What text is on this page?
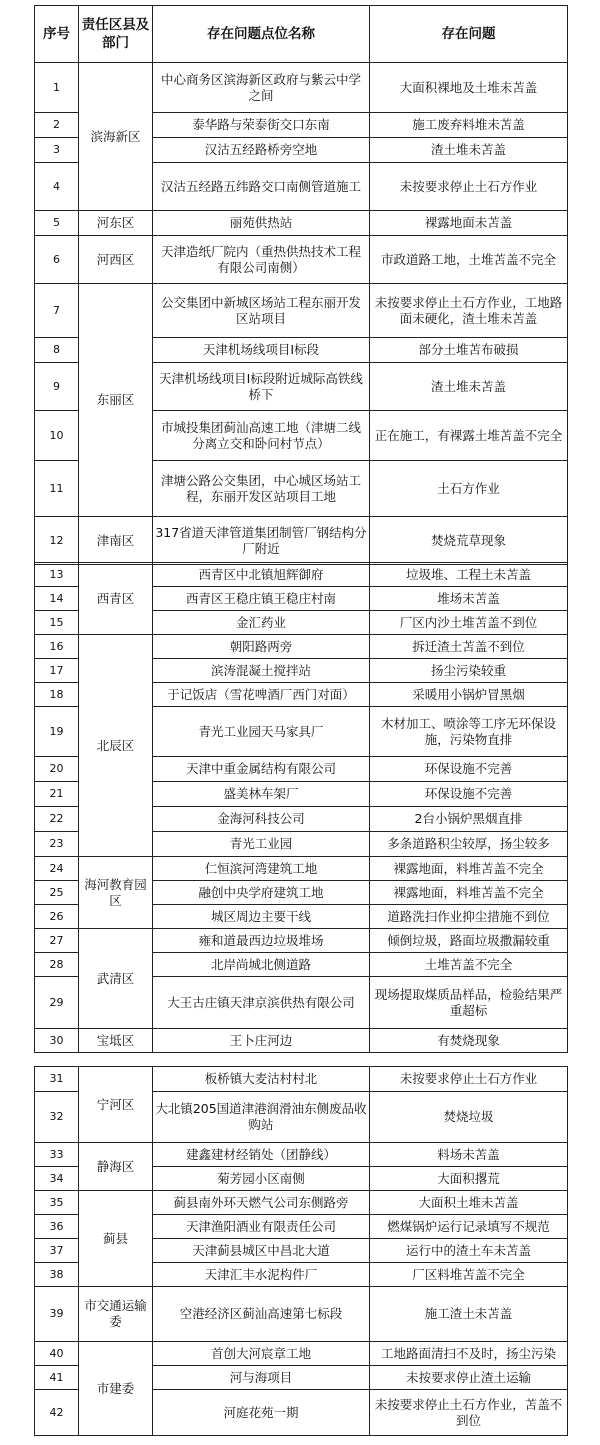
序号	责任区县及部门	存在问题点位名称	存在问题
1	滨海新区	中心商务区滨海新区政府与紫云中学之间	大面积裸地及土堆未苫盖
2		泰华路与荣泰街交口东南	施工废弃料堆未苫盖
3		汉沽五经路桥旁空地	渣土堆未苫盖
4		汉沽五经路五纬路交口南侧管道施工	未按要求停止土石方作业
5	河东区	丽苑供热站	裸露地面未苫盖
6	河西区	天津造纸厂院内（重热供热技术工程有限公司南侧）	市政道路工地，土堆苫盖不完全
7	东丽区	公交集团中新城区场站工程东丽开发区站项目	未按要求停止土石方作业，工地路面未硬化，渣土堆未苫盖
8		天津机场线项目Ⅰ标段	部分土堆苫布破损
9		天津机场线项目Ⅰ标段附近城际高铁线桥下	渣土堆未苫盖
10		市城投集团蓟汕高速工地（津塘二线分离立交和卧问村节点）	正在施工，有裸露土堆苫盖不完全
11		津塘公路公交集团，中心城区场站工程，东丽开发区站项目工地	土石方作业
12	津南区	317省道天津管道集团制管厂钢结构分厂附近	焚烧荒草现象
13	西青区	西青区中北镇旭辉御府	垃圾堆、工程土未苫盖
14		西青区王稳庄镇王稳庄村南	堆场未苫盖
15		金汇药业	厂区内沙土堆苫盖不到位
16	北辰区	朝阳路两旁	拆迁渣土苫盖不到位
17		滨涛混凝土搅拌站	扬尘污染较重
18		于记饭店（雪花啤酒厂西门对面）	采暖用小锅炉冒黑烟
19		青光工业园天马家具厂	木材加工、喷涂等工序无环保设施，污染物直排
20		天津中重金属结构有限公司	环保设施不完善
21		盛美林车架厂	环保设施不完善
22		金海河科技公司	2台小锅炉黑烟直排
23		青光工业园	多条道路积尘较厚，扬尘较多
24	海河教育园区	仁恒滨河湾建筑工地	裸露地面，料堆苫盖不完全
25		融创中央学府建筑工地	裸露地面，料堆苫盖不完全
26		城区周边主要干线	道路洗扫作业抑尘措施不到位
27	武清区	雍和道最西边垃圾堆场	倾倒垃圾，路面垃圾撒漏较重
28		北岸尚城北侧道路	土堆苫盖不完全
29		大王古庄镇天津京滨供热有限公司	现场提取煤质品样品，检验结果严重超标
30	宝坻区	王卜庄河边	有焚烧现象
31	宁河区	板桥镇大麦沽村村北	未按要求停止土石方作业
32		大北镇205国道津港润滑油东侧废品收购站	焚烧垃圾
33	静海区	建鑫建材经销处（团静线）	料场未苫盖
34		菊芳园小区南侧	大面积撂荒
35	蓟县	蓟县南外环天燃气公司东侧路旁	大面积土堆未苫盖
36		天津渔阳酒业有限责任公司	燃煤锅炉运行记录填写不规范
37		天津蓟县城区中昌北大道	运行中的渣土车未苫盖
38		天津汇丰水泥构件厂	厂区料堆苫盖不完全
39	市交通运输委	空港经济区蓟汕高速第七标段	施工渣土未苫盖
40	市建委	首创大河宸章工地	工地路面清扫不及时，扬尘污染
41		河与海项目	未按要求停止渣土运输
42		河庭花苑一期	未按要求停止土石方作业，苫盖不到位
